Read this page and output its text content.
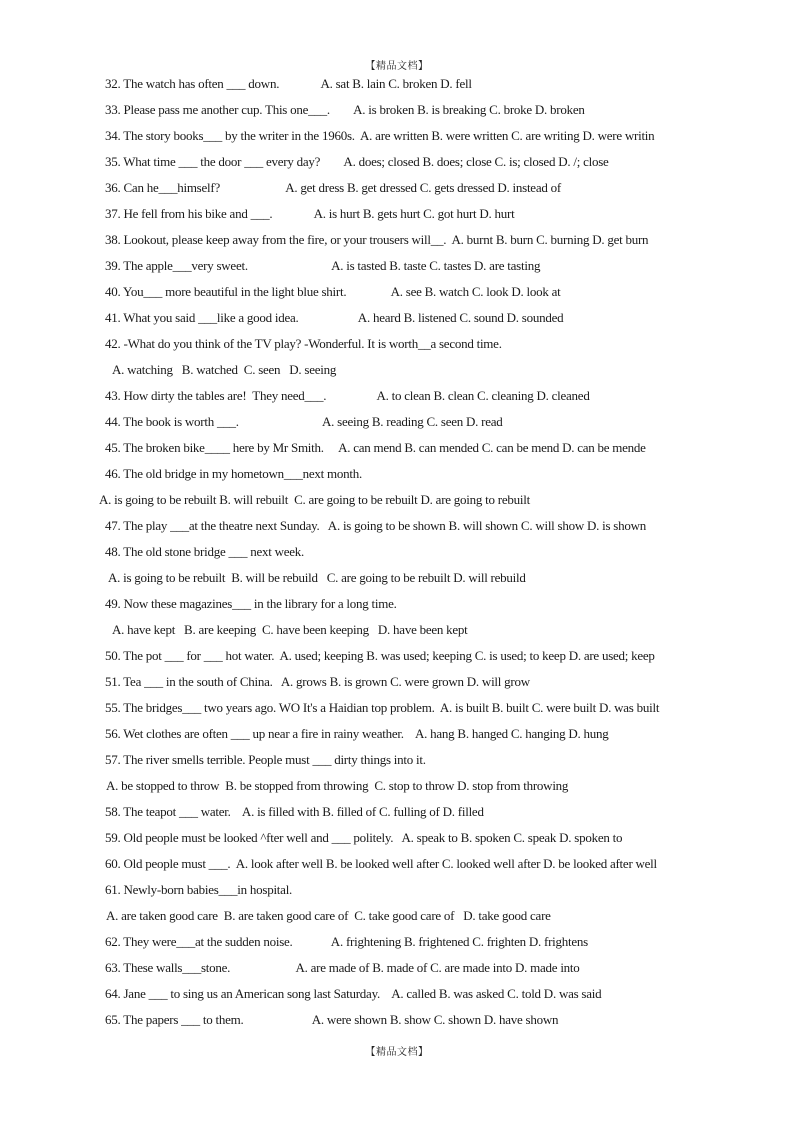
【精品文档】
32. The watch has often ___ down.              A. sat B. lain C. broken D. fell
33. Please pass me another cup. This one___.        A. is broken B. is breaking C. broke D. broken
34. The story books___ by the writer in the 1960s.  A. are written B. were written C. are writing D. were writin
35. What time ___ the door ___ every day?        A. does; closed B. does; close C. is; closed D. /; close
36. Can he___himself?                      A. get dress B. get dressed C. gets dressed D. instead of
37. He fell from his bike and ___.              A. is hurt B. gets hurt C. got hurt D. hurt
38. Lookout, please keep away from the fire, or your trousers will__.  A. burnt B. burn C. burning D. get burn
39. The apple___very sweet.                            A. is tasted B. taste C. tastes D. are tasting
40. You___ more beautiful in the light blue shirt.               A. see B. watch C. look D. look at
41. What you said ___like a good idea.                    A. heard B. listened C. sound D. sounded
42. -What do you think of the TV play? -Wonderful. It is worth__a second time.
A. watching   B. watched  C. seen   D. seeing
43. How dirty the tables are!  They need___.                 A. to clean B. clean C. cleaning D. cleaned
44. The book is worth ___.                            A. seeing B. reading C. seen D. read
45. The broken bike____ here by Mr Smith.     A. can mend B. can mended C. can be mend D. can be mende
46. The old bridge in my hometown___next month.
A. is going to be rebuilt B. will rebuilt  C. are going to be rebuilt D. are going to rebuilt
47. The play ___at the theatre next Sunday.   A. is going to be shown B. will shown C. will show D. is shown
48. The old stone bridge ___ next week.
A. is going to be rebuilt  B. will be rebuild   C. are going to be rebuilt D. will rebuild
49. Now these magazines___ in the library for a long time.
A. have kept   B. are keeping  C. have been keeping   D. have been kept
50. The pot ___ for ___ hot water.  A. used; keeping B. was used; keeping C. is used; to keep D. are used; keep
51. Tea ___ in the south of China.   A. grows B. is grown C. were grown D. will grow
55. The bridges___ two years ago. WO It's a Haidian top problem.  A. is built B. built C. were built D. was built
56. Wet clothes are often ___ up near a fire in rainy weather.    A. hang B. hanged C. hanging D. hung
57. The river smells terrible. People must ___ dirty things into it.
A. be stopped to throw  B. be stopped from throwing  C. stop to throw D. stop from throwing
58. The teapot ___ water.    A. is filled with B. filled of C. fulling of D. filled
59. Old people must be looked ^fter well and ___ politely.   A. speak to B. spoken C. speak D. spoken to
60. Old people must ___.  A. look after well B. be looked well after C. looked well after D. be looked after well
61. Newly-born babies___in hospital.
A. are taken good care  B. are taken good care of  C. take good care of   D. take good care
62. They were___at the sudden noise.             A. frightening B. frightened C. frighten D. frightens
63. These walls___stone.                      A. are made of B. made of C. are made into D. made into
64. Jane ___ to sing us an American song last Saturday.    A. called B. was asked C. told D. was said
65. The papers ___ to them.                       A. were shown B. show C. shown D. have shown
【精品文档】
